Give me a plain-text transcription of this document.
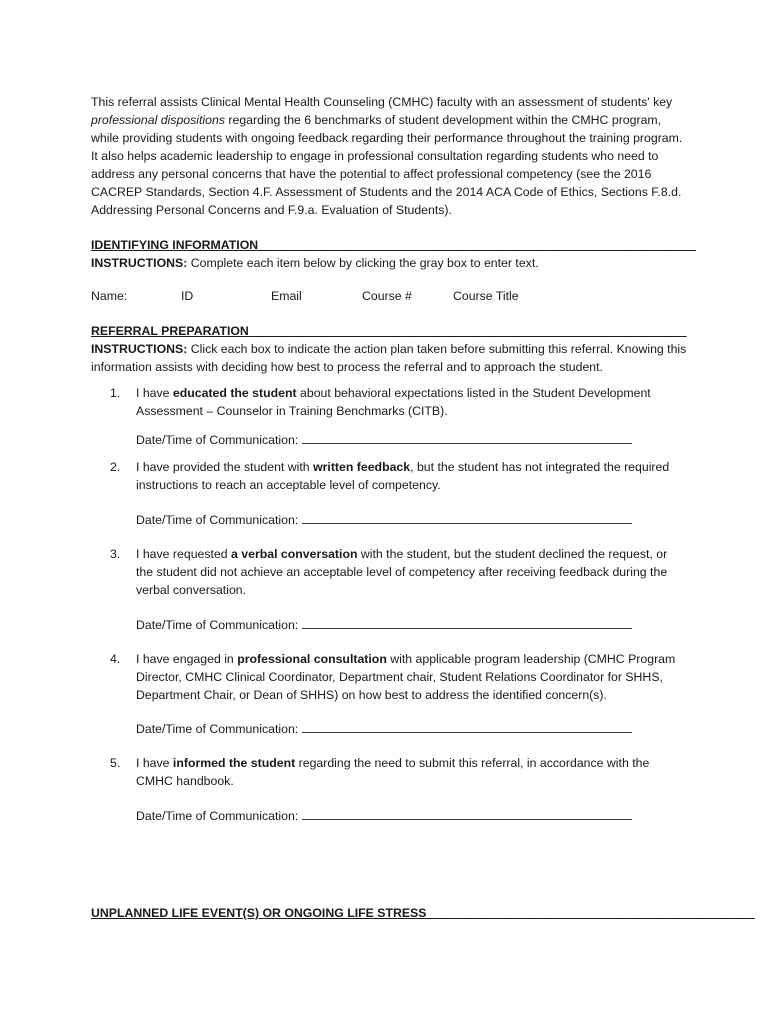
This referral assists Clinical Mental Health Counseling (CMHC) faculty with an assessment of students' key professional dispositions regarding the 6 benchmarks of student development within the CMHC program, while providing students with ongoing feedback regarding their performance throughout the training program. It also helps academic leadership to engage in professional consultation regarding students who need to address any personal concerns that have the potential to affect professional competency (see the 2016 CACREP Standards, Section 4.F. Assessment of Students and the 2014 ACA Code of Ethics, Sections F.8.d. Addressing Personal Concerns and F.9.a. Evaluation of Students).

IDENTIFYING INFORMATION________________________________________________________________

INSTRUCTIONS: Complete each item below by clicking the gray box to enter text.

Name:	ID	Email	Course #	Course Title
REFERRAL PREPARATION________________________________________________________________

INSTRUCTIONS: Click each box to indicate the action plan taken before submitting this referral. Knowing this information assists with deciding how best to process the referral and to approach the student.

1.	I have educated the student about behavioral expectations listed in the Student Development Assessment – Counselor in Training Benchmarks (CITB).

Date/Time of Communication:
2.	I have provided the student with written feedback, but the student has not integrated the required instructions to reach an acceptable level of competency.

Date/Time of Communication:
3.	I have requested a verbal conversation with the student, but the student declined the request, or the student did not achieve an acceptable level of competency after receiving feedback during the verbal conversation.

Date/Time of Communication:
4.	I have engaged in professional consultation with applicable program leadership (CMHC Program Director, CMHC Clinical Coordinator, Department chair, Student Relations Coordinator for SHHS, Department Chair, or Dean of SHHS) on how best to address the identified concern(s).

Date/Time of Communication:
5.	I have informed the student regarding the need to submit this referral, in accordance with the CMHC handbook.

Date/Time of Communication:
UNPLANNED LIFE EVENT(S) OR ONGOING LIFE STRESS________________________________________________
